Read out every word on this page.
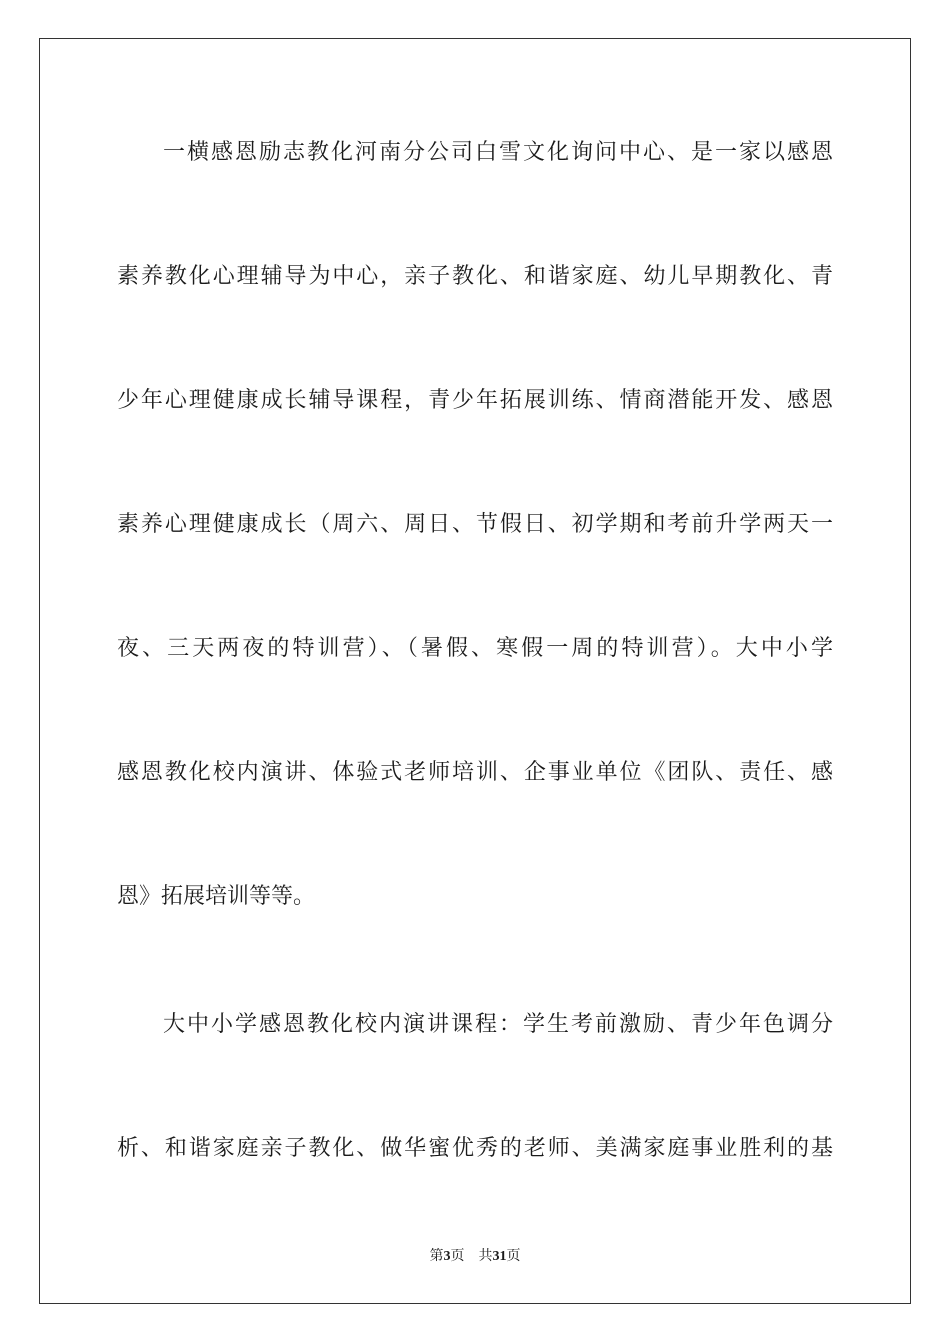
一横感恩励志教化河南分公司白雪文化询问中心、是一家以感恩
素养教化心理辅导为中心，亲子教化、和谐家庭、幼儿早期教化、青
少年心理健康成长辅导课程，青少年拓展训练、情商潜能开发、感恩
素养心理健康成长（周六、周日、节假日、初学期和考前升学两天一
夜、三天两夜的特训营）、（暑假、寒假一周的特训营）。大中小学
感恩教化校内演讲、体验式老师培训、企事业单位《团队、责任、感
恩》拓展培训等等。
大中小学感恩教化校内演讲课程：学生考前激励、青少年色调分
析、和谐家庭亲子教化、做华蜜优秀的老师、美满家庭事业胜利的基
第3页 共31页
